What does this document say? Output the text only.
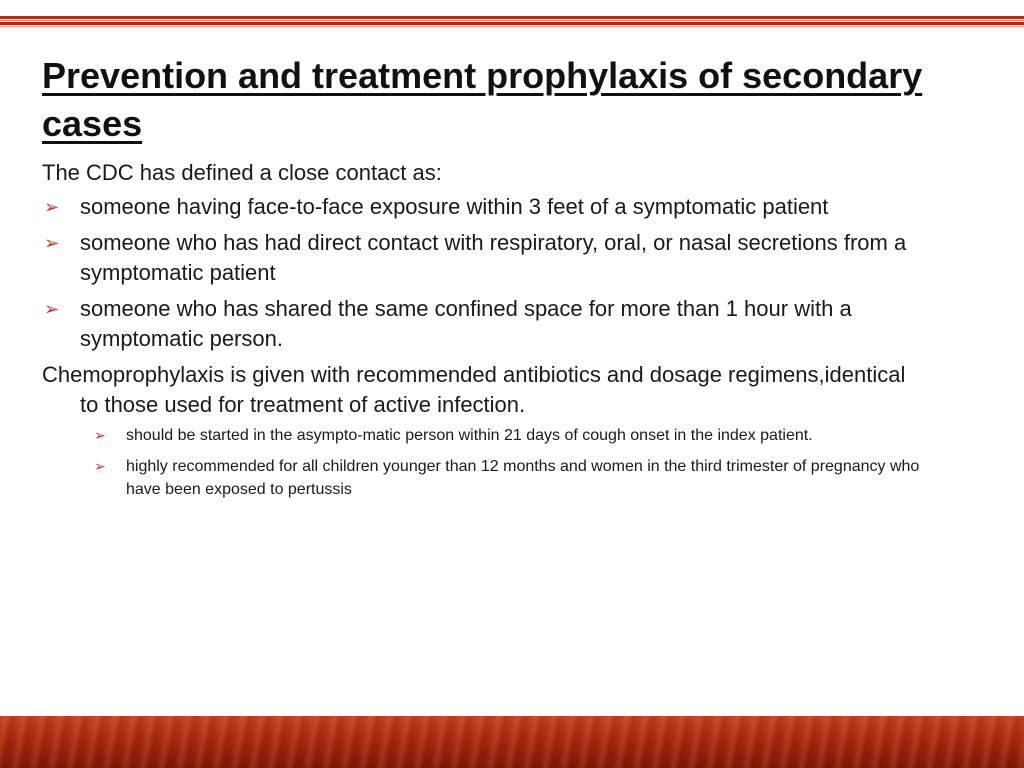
Prevention and treatment prophylaxis of secondary cases

The CDC has defined a close contact as:

➢ someone having face-to-face exposure within 3 feet of a symptomatic patient
➢ someone who has had direct contact with respiratory, oral, or nasal secretions from a symptomatic patient
➢ someone who has shared the same confined space for more than 1 hour with a symptomatic person.

Chemoprophylaxis is given with recommended antibiotics and dosage regimens,identical to those used for treatment of active infection.

➢	should be started in the asympto-matic person within 21 days of cough onset in the index patient.
➢	highly recommended for all children younger than 12 months and women in the third trimester of pregnancy who have been exposed to pertussis
